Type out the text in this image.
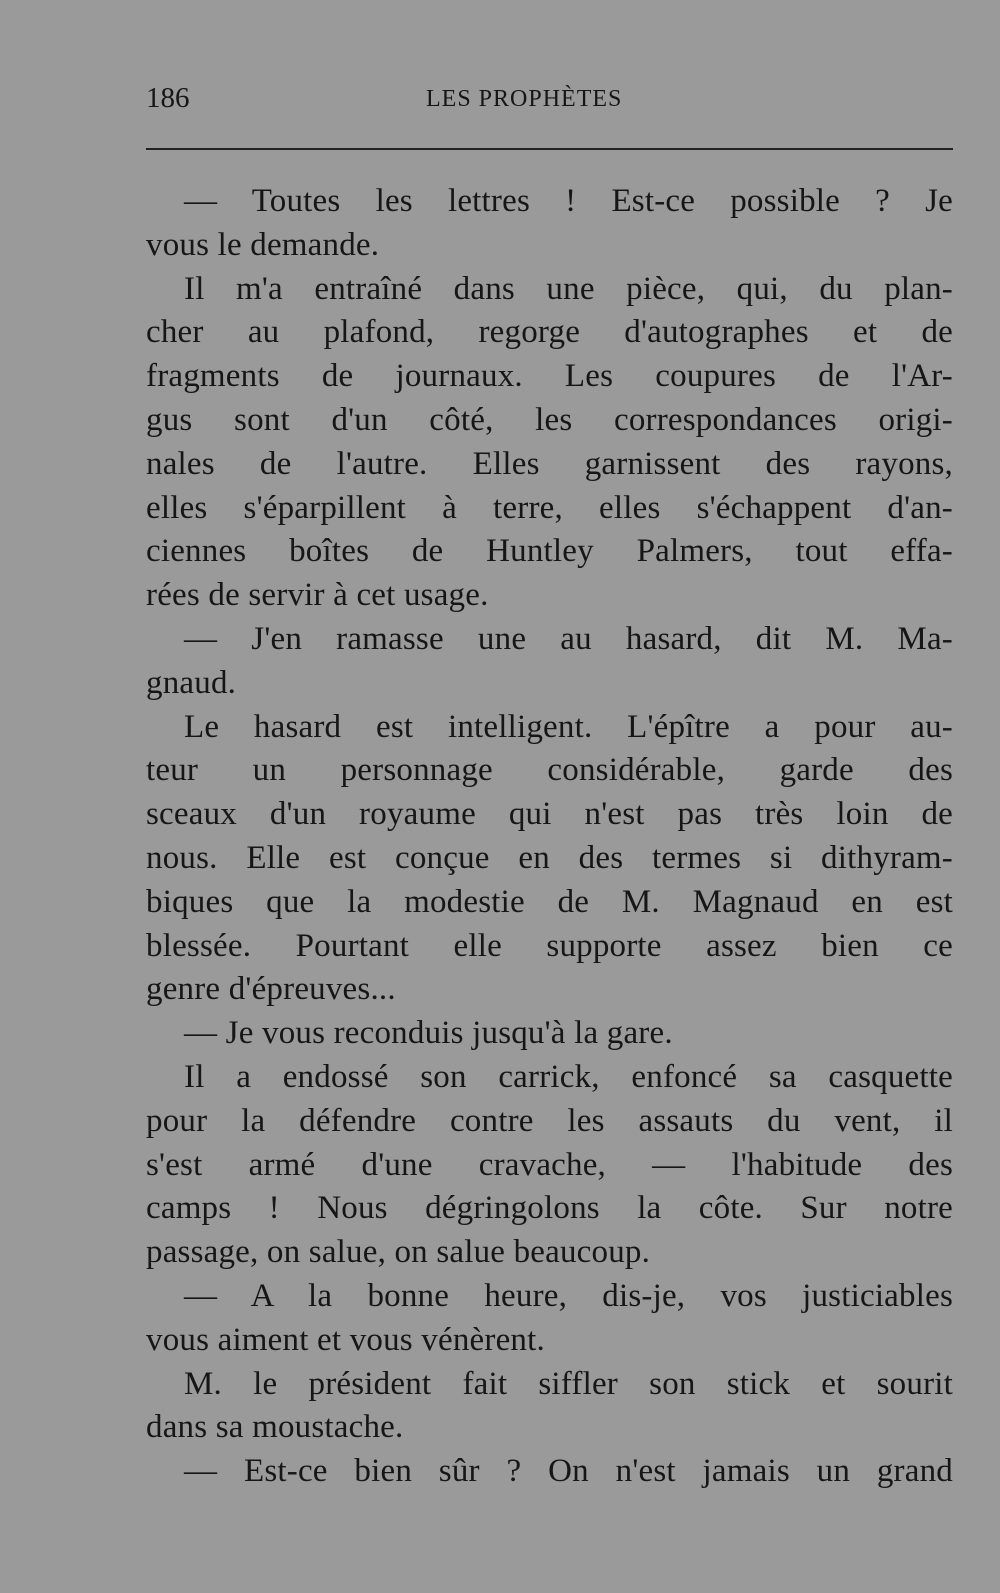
186	LES PROPHÈTES
— Toutes les lettres ! Est-ce possible ? Je
vous le demande.
Il m'a entraîné dans une pièce, qui, du plan-
cher au plafond, regorge d'autographes et de
fragments de journaux. Les coupures de l'Ar-
gus sont d'un côté, les correspondances origi-
nales de l'autre. Elles garnissent des rayons,
elles s'éparpillent à terre, elles s'échappent d'an-
ciennes boîtes de Huntley Palmers, tout effa-
rées de servir à cet usage.
— J'en ramasse une au hasard, dit M. Ma-
gnaud.
Le hasard est intelligent. L'épître a pour au-
teur un personnage considérable, garde des
sceaux d'un royaume qui n'est pas très loin de
nous. Elle est conçue en des termes si dithyram-
biques que la modestie de M. Magnaud en est
blessée. Pourtant elle supporte assez bien ce
genre d'épreuves...
— Je vous reconduis jusqu'à la gare.
Il a endossé son carrick, enfoncé sa casquette
pour la défendre contre les assauts du vent, il
s'est armé d'une cravache, — l'habitude des
camps ! Nous dégringolons la côte. Sur notre
passage, on salue, on salue beaucoup.
— A la bonne heure, dis-je, vos justiciables
vous aiment et vous vénèrent.
M. le président fait siffler son stick et sourit
dans sa moustache.
— Est-ce bien sûr ? On n'est jamais un grand
